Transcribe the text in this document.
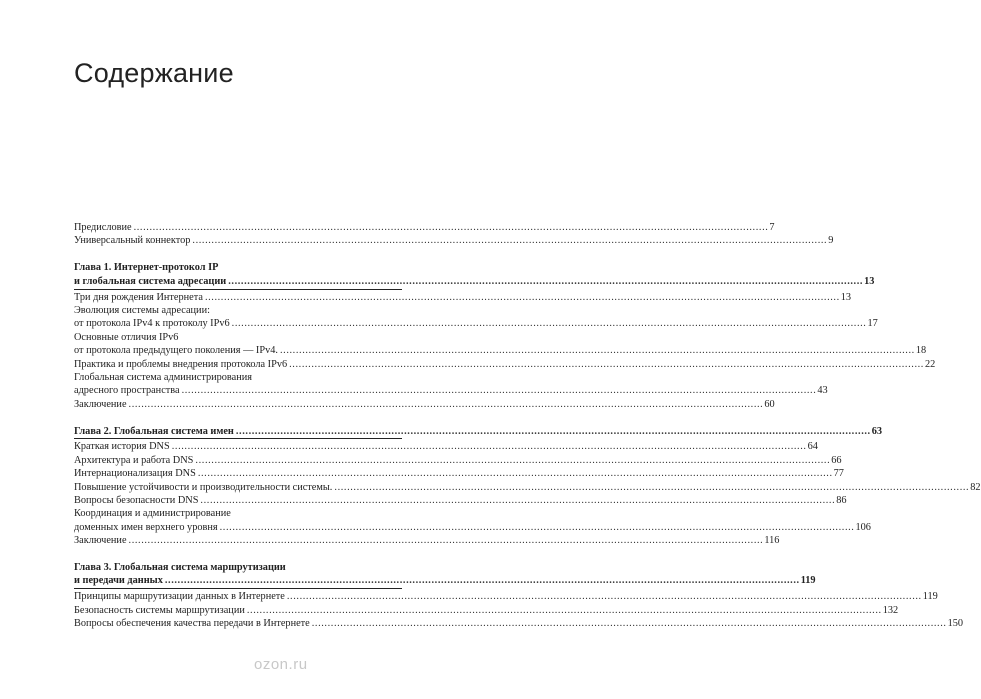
Содержание
Предисловие ........................................................................................................................................................................................................ 7
Универсальный коннектор ........................................................................................................................................................................................................ 9
Глава 1. Интернет-протокол IP
и глобальная система адресации ........................................................................................................................................................................................................ 13
Три дня рождения Интернета ........................................................................................................................................................................................................ 13
Эволюция системы адресации:
от протокола IPv4 к протоколу IPv6 ........................................................................................................................................................................................................ 17
Основные отличия IPv6
от протокола предыдущего поколения — IPv4. ........................................................................................................................................................................................................ 18
Практика и проблемы внедрения протокола IPv6 ........................................................................................................................................................................................................ 22
Глобальная система администрирования
адресного пространства ........................................................................................................................................................................................................ 43
Заключение ........................................................................................................................................................................................................ 60
Глава 2. Глобальная система имен ........................................................................................................................................................................................................ 63
Краткая история DNS ........................................................................................................................................................................................................ 64
Архитектура и работа DNS ........................................................................................................................................................................................................ 66
Интернационализация DNS ........................................................................................................................................................................................................ 77
Повышение устойчивости и производительности системы. ........................................................................................................................................................................................................ 82
Вопросы безопасности DNS ........................................................................................................................................................................................................ 86
Координация и администрирование
доменных имен верхнего уровня ........................................................................................................................................................................................................ 106
Заключение ........................................................................................................................................................................................................ 116
Глава 3. Глобальная система маршрутизации
и передачи данных ........................................................................................................................................................................................................ 119
Принципы маршрутизации данных в Интернете ........................................................................................................................................................................................................ 119
Безопасность системы маршрутизации ........................................................................................................................................................................................................ 132
Вопросы обеспечения качества передачи в Интернете ........................................................................................................................................................................................................ 150
ozon.ru
